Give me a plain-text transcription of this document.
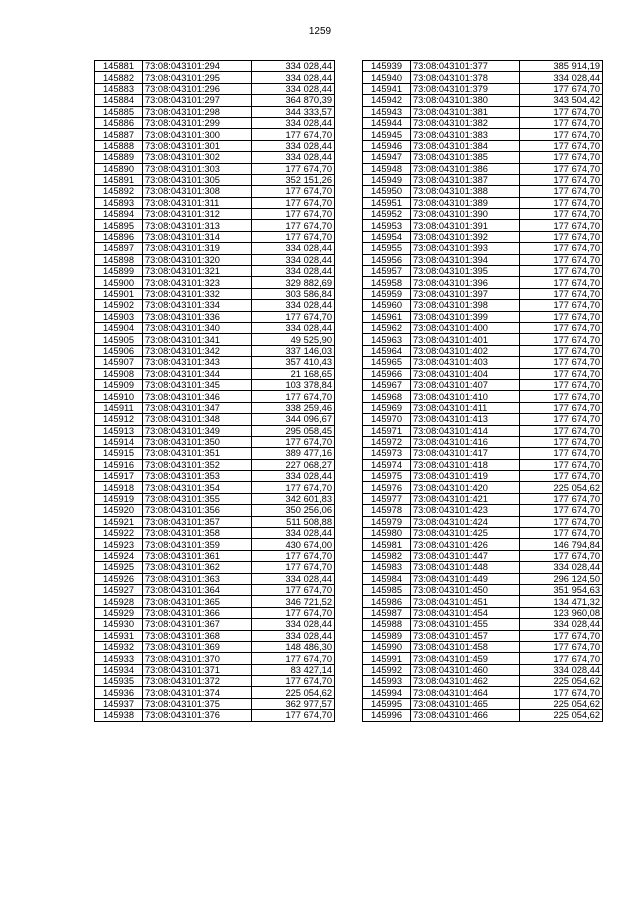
1259
145881	73:08:043101:294	334 028,44
145882	73:08:043101:295	334 028,44
145883	73:08:043101:296	334 028,44
145884	73:08:043101:297	364 870,39
145885	73:08:043101:298	344 333,57
145886	73:08:043101:299	334 028,44
145887	73:08:043101:300	177 674,70
145888	73:08:043101:301	334 028,44
145889	73:08:043101:302	334 028,44
145890	73:08:043101:303	177 674,70
145891	73:08:043101:305	352 151,26
145892	73:08:043101:308	177 674,70
145893	73:08:043101:311	177 674,70
145894	73:08:043101:312	177 674,70
145895	73:08:043101:313	177 674,70
145896	73:08:043101:314	177 674,70
145897	73:08:043101:319	334 028,44
145898	73:08:043101:320	334 028,44
145899	73:08:043101:321	334 028,44
145900	73:08:043101:323	329 882,69
145901	73:08:043101:332	303 586,84
145902	73:08:043101:334	334 028,44
145903	73:08:043101:336	177 674,70
145904	73:08:043101:340	334 028,44
145905	73:08:043101:341	49 525,90
145906	73:08:043101:342	337 146,03
145907	73:08:043101:343	357 410,43
145908	73:08:043101:344	21 168,65
145909	73:08:043101:345	103 378,84
145910	73:08:043101:346	177 674,70
145911	73:08:043101:347	338 259,46
145912	73:08:043101:348	344 096,67
145913	73:08:043101:349	295 058,45
145914	73:08:043101:350	177 674,70
145915	73:08:043101:351	389 477,16
145916	73:08:043101:352	227 068,27
145917	73:08:043101:353	334 028,44
145918	73:08:043101:354	177 674,70
145919	73:08:043101:355	342 601,83
145920	73:08:043101:356	350 256,06
145921	73:08:043101:357	511 508,88
145922	73:08:043101:358	334 028,44
145923	73:08:043101:359	430 674,00
145924	73:08:043101:361	177 674,70
145925	73:08:043101:362	177 674,70
145926	73:08:043101:363	334 028,44
145927	73:08:043101:364	177 674,70
145928	73:08:043101:365	346 721,52
145929	73:08:043101:366	177 674,70
145930	73:08:043101:367	334 028,44
145931	73:08:043101:368	334 028,44
145932	73:08:043101:369	148 486,30
145933	73:08:043101:370	177 674,70
145934	73:08:043101:371	83 427,14
145935	73:08:043101:372	177 674,70
145936	73:08:043101:374	225 054,62
145937	73:08:043101:375	362 977,57
145938	73:08:043101:376	177 674,70
145939	73:08:043101:377	385 914,19
145940	73:08:043101:378	334 028,44
145941	73:08:043101:379	177 674,70
145942	73:08:043101:380	343 504,42
145943	73:08:043101:381	177 674,70
145944	73:08:043101:382	177 674,70
145945	73:08:043101:383	177 674,70
145946	73:08:043101:384	177 674,70
145947	73:08:043101:385	177 674,70
145948	73:08:043101:386	177 674,70
145949	73:08:043101:387	177 674,70
145950	73:08:043101:388	177 674,70
145951	73:08:043101:389	177 674,70
145952	73:08:043101:390	177 674,70
145953	73:08:043101:391	177 674,70
145954	73:08:043101:392	177 674,70
145955	73:08:043101:393	177 674,70
145956	73:08:043101:394	177 674,70
145957	73:08:043101:395	177 674,70
145958	73:08:043101:396	177 674,70
145959	73:08:043101:397	177 674,70
145960	73:08:043101:398	177 674,70
145961	73:08:043101:399	177 674,70
145962	73:08:043101:400	177 674,70
145963	73:08:043101:401	177 674,70
145964	73:08:043101:402	177 674,70
145965	73:08:043101:403	177 674,70
145966	73:08:043101:404	177 674,70
145967	73:08:043101:407	177 674,70
145968	73:08:043101:410	177 674,70
145969	73:08:043101:411	177 674,70
145970	73:08:043101:413	177 674,70
145971	73:08:043101:414	177 674,70
145972	73:08:043101:416	177 674,70
145973	73:08:043101:417	177 674,70
145974	73:08:043101:418	177 674,70
145975	73:08:043101:419	177 674,70
145976	73:08:043101:420	225 054,62
145977	73:08:043101:421	177 674,70
145978	73:08:043101:423	177 674,70
145979	73:08:043101:424	177 674,70
145980	73:08:043101:425	177 674,70
145981	73:08:043101:426	146 794,84
145982	73:08:043101:447	177 674,70
145983	73:08:043101:448	334 028,44
145984	73:08:043101:449	296 124,50
145985	73:08:043101:450	351 954,63
145986	73:08:043101:451	134 471,32
145987	73:08:043101:454	123 960,08
145988	73:08:043101:455	334 028,44
145989	73:08:043101:457	177 674,70
145990	73:08:043101:458	177 674,70
145991	73:08:043101:459	177 674,70
145992	73:08:043101:460	334 028,44
145993	73:08:043101:462	225 054,62
145994	73:08:043101:464	177 674,70
145995	73:08:043101:465	225 054,62
145996	73:08:043101:466	225 054,62
